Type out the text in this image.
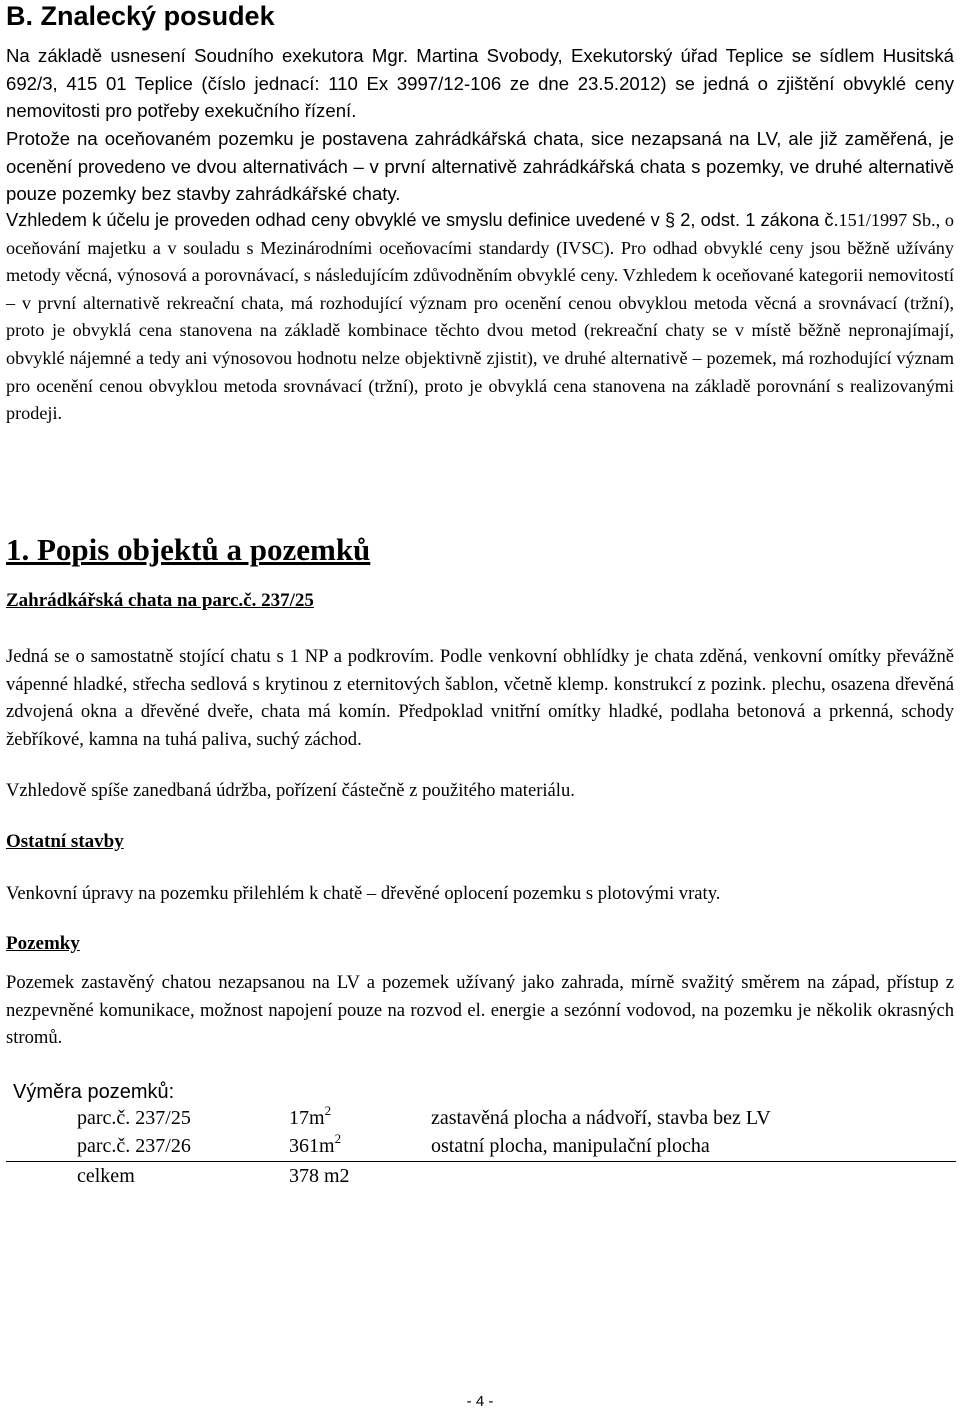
B. Znalecký posudek

Na základě usnesení Soudního exekutora Mgr. Martina Svobody, Exekutorský úřad Teplice se sídlem Husitská 692/3, 415 01 Teplice (číslo jednací: 110 Ex 3997/12-106 ze dne 23.5.2012) se jedná o zjištění obvyklé ceny nemovitosti pro potřeby exekučního řízení.

Protože na oceňovaném pozemku je postavena zahrádkářská chata, sice nezapsaná na LV, ale již zaměřená, je ocenění provedeno ve dvou alternativách – v první alternativě zahrádkářská chata s pozemky, ve druhé alternativě pouze pozemky bez stavby zahrádkářské chaty.

Vzhledem k účelu je proveden odhad ceny obvyklé ve smyslu definice uvedené v § 2, odst. 1 zákona č.151/1997 Sb., o oceňování majetku a v souladu s Mezinárodními oceňovacími standardy (IVSC). Pro odhad obvyklé ceny jsou běžně užívány metody věcná, výnosová a porovnávací, s následujícím zdůvodněním obvyklé ceny. Vzhledem k oceňované kategorii nemovitostí – v první alternativě rekreační chata, má rozhodující význam pro ocenění cenou obvyklou metoda věcná a srovnávací (tržní), proto je obvyklá cena stanovena na základě kombinace těchto dvou metod (rekreační chaty se v místě běžně nepronajímají, obvyklé nájemné a tedy ani výnosovou hodnotu nelze objektivně zjistit), ve druhé alternativě – pozemek, má rozhodující význam pro ocenění cenou obvyklou metoda srovnávací (tržní), proto je obvyklá cena stanovena na základě porovnání s realizovanými prodeji.

1. Popis objektů a pozemků

Zahrádkářská chata na parc.č. 237/25

Jedná se o samostatně stojící chatu s 1 NP a podkrovím. Podle venkovní obhlídky je chata zděná, venkovní omítky převážně vápenné hladké, střecha sedlová s krytinou z eternitových šablon, včetně klemp. konstrukcí z pozink. plechu, osazena dřevěná zdvojená okna a dřevěné dveře, chata má komín. Předpoklad vnitřní omítky hladké, podlaha betonová a prkenná, schody žebříkové, kamna na tuhá paliva, suchý záchod.

Vzhledově spíše zanedbaná údržba, pořízení částečně z použitého materiálu.

Ostatní stavby

Venkovní úpravy na pozemku přilehlém k chatě – dřevěné oplocení pozemku s plotovými vraty.

Pozemky

Pozemek zastavěný chatou nezapsanou na LV a pozemek užívaný jako zahrada, mírně svažitý směrem na západ, přístup z nezpevněné komunikace, možnost napojení pouze na rozvod el. energie a sezónní vodovod, na pozemku je několik okrasných stromů.

Výměra pozemků:
parc.č. 237/25	$17m^2$	zastavěná plocha a nádvoří, stavba bez LV
parc.č. 237/26	$361m^2$	ostatní plocha, manipulační plocha
celkem	378 m2
- 4 -
